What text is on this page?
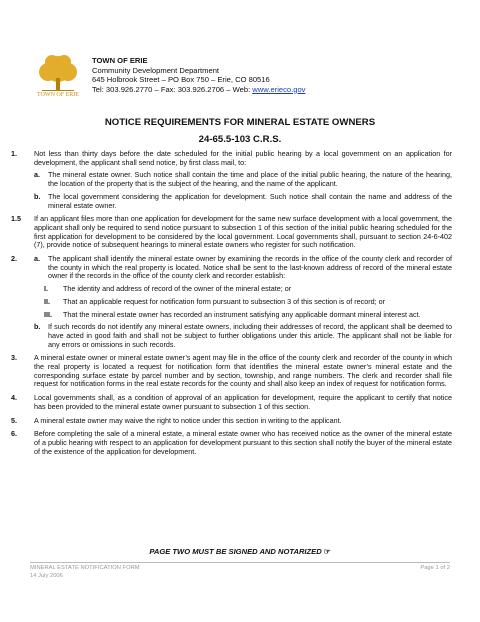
TOWN OF ERIE
TOWN OF ERIE
Community Development Department
645 Holbrook Street – PO Box 750 – Erie, CO 80516
Tel: 303.926.2770 – Fax: 303.926.2706 – Web: www.erieco.gov
NOTICE REQUIREMENTS FOR MINERAL ESTATE OWNERS
24-65.5-103 C.R.S.
1.	Not less than thirty days before the date scheduled for the initial public hearing by a local government on an application for development, the applicant shall send notice, by first class mail, to:
a. The mineral estate owner. Such notice shall contain the time and place of the initial public hearing, the nature of the hearing, the location of the property that is the subject of the hearing, and the name of the applicant.
b. The local government considering the application for development. Such notice shall contain the name and address of the mineral estate owner.
1.5	If an applicant files more than one application for development for the same new surface development with a local government, the applicant shall only be required to send notice pursuant to subsection 1 of this section of the initial public hearing scheduled for the first application for development to be considered by the local government. Local governments shall, pursuant to section 24-6-402 (7), provide notice of subsequent hearings to mineral estate owners who register for such notification.
2.	a. The applicant shall identify the mineral estate owner by examining the records in the office of the county clerk and recorder of the county in which the real property is located. Notice shall be sent to the last-known address of record of the mineral estate owner if the records in the office of the county clerk and recorder establish:
I. The identity and address of record of the owner of the mineral estate; or
II. That an applicable request for notification form pursuant to subsection 3 of this section is of record; or
III. That the mineral estate owner has recorded an instrument satisfying any applicable dormant mineral interest act.
b. If such records do not identify any mineral estate owners, including their addresses of record, the applicant shall be deemed to have acted in good faith and shall not be subject to further obligations under this article. The applicant shall not be liable for any errors or omissions in such records.
3.	A mineral estate owner or mineral estate owner’s agent may file in the office of the county clerk and recorder of the county in which the real property is located a request for notification form that identifies the mineral estate owner’s mineral estate and the corresponding surface estate by parcel number and by section, township, and range numbers. The clerk and recorder shall file request for notification forms in the real estate records for the county and shall also keep an index of request for notification forms.
4.	Local governments shall, as a condition of approval of an application for development, require the applicant to certify that notice has been provided to the mineral estate owner pursuant to subsection 1 of this section.
5.	A mineral estate owner may waive the right to notice under this section in writing to the applicant.
6.	Before completing the sale of a mineral estate, a mineral estate owner who has received notice as the owner of the mineral estate of a public hearing with respect to an application for development pursuant to this section shall notify the buyer of the mineral estate of the existence of the application for development.
PAGE TWO MUST BE SIGNED AND NOTARIZED ☞
MINERAL ESTATE NOTIFICATION FORM
14 July 2006
Page 1 of 2
